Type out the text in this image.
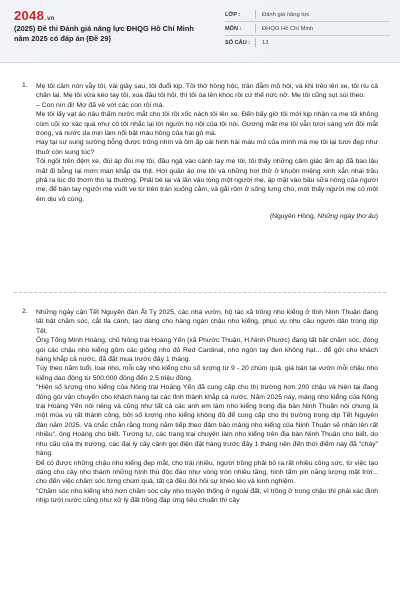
2048.vn
(2025) Đề thi Đánh giá năng lực ĐHQG Hồ Chí Minh năm 2025 có đáp án (Đề 29)
LỚP :	Đánh giá năng lực
MÔN :	ĐHQG Hồ Chí Minh
SỐ CÂU :	13
1. Mẹ tôi cầm nón vẫy tôi, vài giây sau, tôi đuổi kịp. Tôi thở hồng hộc, trán đẫm mồ hôi, và khi trèo lên xe, tôi ríu cả chân lại. Mẹ tôi vừa kéo tay tôi, xoa đầu tôi hỏi, thì tôi òa lên khóc rồi cứ thế nức nở. Mẹ tôi cũng sụt sùi theo:

– Con nín đi! Mợ đã về với các con rồi mà.

Mẹ tôi lấy vạt áo nâu thấm nước mắt cho tôi rồi xốc nách tôi lên xe. Đến bấy giờ tôi mới kịp nhận ra mẹ tôi không còm cõi xơ xác quá như cô tôi nhắc lại lời người họ nội của tôi nói. Gương mặt mẹ tôi vẫn tươi sáng với đôi mắt trong, và nước da mịn làm nổi bật màu hồng của hai gò má.

Hay tại sự sung sướng bỗng được trông nhìn và ôm ấp cái hình hài máu mủ của mình mà mẹ tôi lại tươi đẹp như thuở còn sung túc?

Tôi ngồi trên đệm xe, đùi áp đùi mẹ tôi, đầu ngả vào cánh tay mẹ tôi, tôi thấy những cảm giác ấm áp đã bao lâu mất đi bỗng lại mơn man khắp da thịt. Hơi quần áo mẹ tôi và những hơi thở ở khuôn miệng xinh xắn nhai trầu phả ra lúc đó thơm tho lạ thường. Phải bé lại và lăn vào lòng một người mẹ, áp mặt vào bầu sữa nóng của người mẹ, để bàn tay người mẹ vuốt ve từ trên trán xuống cằm, và gãi rôm ở sống lưng cho, mới thấy người mẹ có một êm dịu vô cùng.

(Nguyên Hồng, Những ngày thơ ấu)
2. Những ngày cận Tết Nguyên đán Ất Tỵ 2025, các nhà vườn, hộ tác xã trồng nho kiểng ở tỉnh Ninh Thuận đang tất bật chăm sóc, cắt tỉa cành, tạo dáng cho hàng ngàn chậu nho kiểng, phục vụ nhu cầu người dân trong dịp Tết.

Ông Tống Minh Hoàng, chủ Nông trại Hoàng Yến (xã Phước Thuận, H.Ninh Phước) đang tất bật chăm sóc, đóng gói các chậu nho kiểng gồm các giống nho đỏ Red Cardinal, nho ngón tay đen không hạt... để gửi cho khách hàng khắp cả nước, đã đặt mua trước đây 1 tháng.

Tùy theo năm tuổi, loại nho, mỗi cây nho kiểng cho số lượng từ 9 - 20 chùm quả, giá bán tại vườn mỗi chậu nho kiểng dao động từ 500.000 đồng đến 2,5 triệu đồng.

"Hiện số lượng nho kiểng của Nông trại Hoàng Yến đã cung cấp cho thị trường hơn 200 chậu và hiện tại đang đóng gói vận chuyển cho khách hàng tại các tỉnh thành khắp cả nước. Năm 2025 này, mảng nho kiểng của Nông trại Hoàng Yến nói riêng và cũng như tất cả các anh em làm nho kiểng trong địa bàn Ninh Thuận nói chung là một mùa vụ rất thành công, bởi số lượng nho kiểng không đủ để cung cấp cho thị trường trong dịp Tết Nguyên đán năm 2025. Và chắc chắn rằng trong năm tiếp theo đảm bảo mảng nho kiểng của Ninh Thuận sẽ nhân lên rất nhiều", ông Hoàng cho biết. Tương tự, các trang trại chuyên làm nho kiểng trên địa bàn Ninh Thuận cho biết, do nhu cầu của thị trường, các đại lý cây cảnh gọi điện đặt hàng trước đây 1 tháng nên đến thời điểm này đã "cháy" hàng.

Để có được những chậu nho kiểng đẹp mắt, cho trái nhiều, người trồng phải bỏ ra rất nhiều công sức, từ việc tạo dáng cho cây nho thành những hình thù độc đáo như vòng tròn nhiều tầng, hình tấm pin năng lượng mặt trời... cho đến việc chăm sóc từng chùm quả, tất cả đều đòi hỏi sự khéo léo và kinh nghiệm.

"Chăm sóc nho kiểng khó hơn chăm sóc cây nho truyền thống ở ngoài đất, vì trồng ở trong chậu thì phải xác định nhịp tưới nước cũng như xử lý đất trồng đáp ứng tiêu chuẩn thì cây
